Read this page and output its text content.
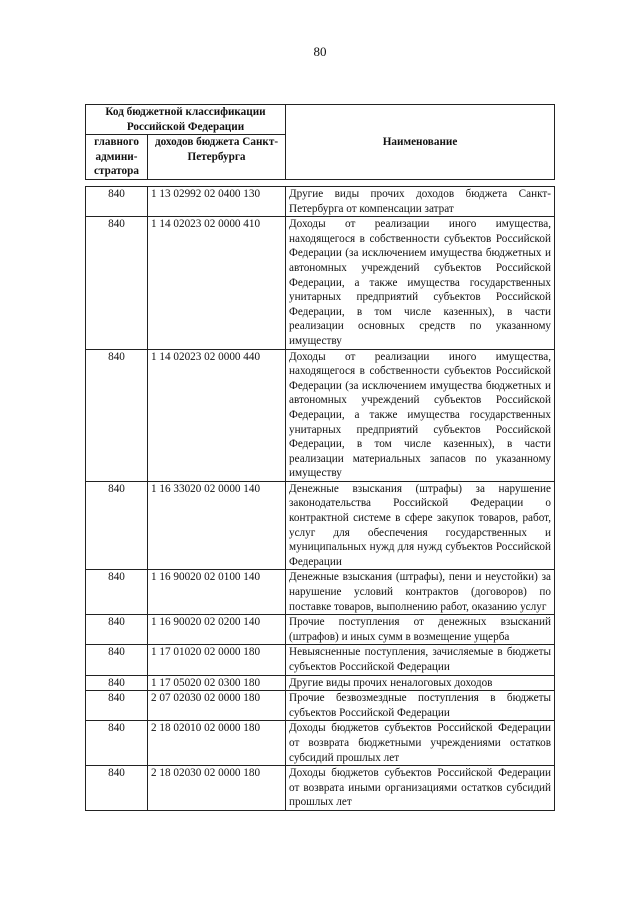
80
Код бюджетной классификации Российской Федерации		Наименование
главного админи-стратора	доходов бюджета Санкт-Петербурга	
840	1 13 02992 02 0400 130	Другие виды прочих доходов бюджета Санкт-Петербурга от компенсации затрат
840	1 14 02023 02 0000 410	Доходы от реализации иного имущества, находящегося в собственности субъектов Российской Федерации (за исключением имущества бюджетных и автономных учреждений субъектов Российской Федерации, а также имущества государственных унитарных предприятий субъектов Российской Федерации, в том числе казенных), в части реализации основных средств по указанному имуществу
840	1 14 02023 02 0000 440	Доходы от реализации иного имущества, находящегося в собственности субъектов Российской Федерации (за исключением имущества бюджетных и автономных учреждений субъектов Российской Федерации, а также имущества государственных унитарных предприятий субъектов Российской Федерации, в том числе казенных), в части реализации материальных запасов по указанному имуществу
840	1 16 33020 02 0000 140	Денежные взыскания (штрафы) за нарушение законодательства Российской Федерации о контрактной системе в сфере закупок товаров, работ, услуг для обеспечения государственных и муниципальных нужд для нужд субъектов Российской Федерации
840	1 16 90020 02 0100 140	Денежные взыскания (штрафы), пени и неустойки) за нарушение условий контрактов (договоров) по поставке товаров, выполнению работ, оказанию услуг
840	1 16 90020 02 0200 140	Прочие поступления от денежных взысканий (штрафов) и иных сумм в возмещение ущерба
840	1 17 01020 02 0000 180	Невыясненные поступления, зачисляемые в бюджеты субъектов Российской Федерации
840	1 17 05020 02 0300 180	Другие виды прочих неналоговых доходов
840	2 07 02030 02 0000 180	Прочие безвозмездные поступления в бюджеты субъектов Российской Федерации
840	2 18 02010 02 0000 180	Доходы бюджетов субъектов Российской Федерации от возврата бюджетными учреждениями остатков субсидий прошлых лет
840	2 18 02030 02 0000 180	Доходы бюджетов субъектов Российской Федерации от возврата иными организациями остатков субсидий прошлых лет
